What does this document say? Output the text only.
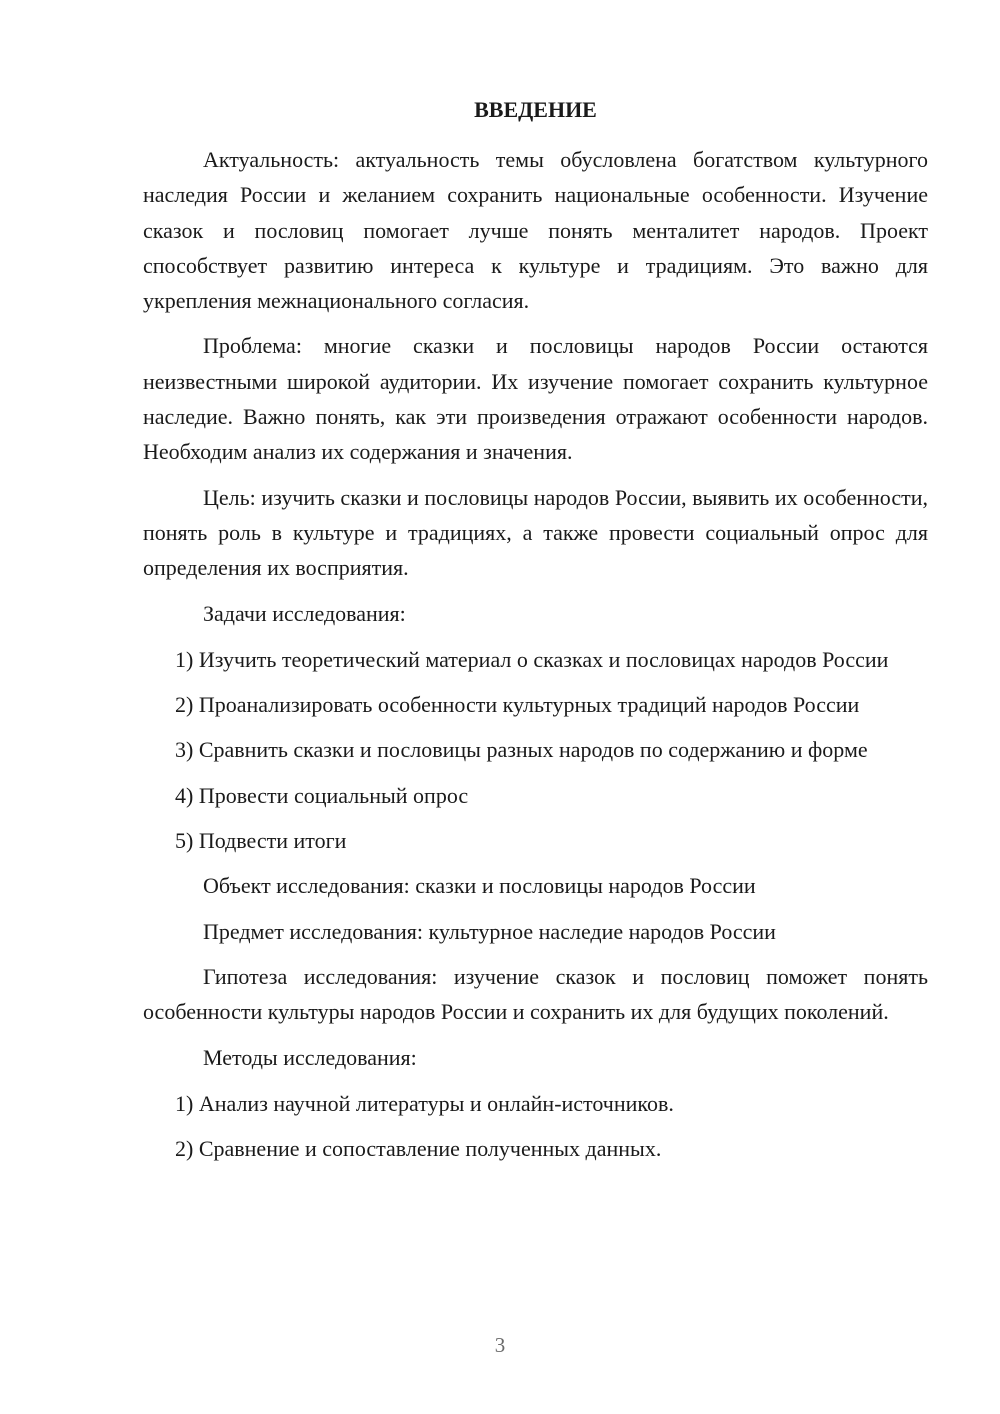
ВВЕДЕНИЕ

Актуальность: актуальность темы обусловлена богатством культурного наследия России и желанием сохранить национальные особенности. Изучение сказок и пословиц помогает лучше понять менталитет народов. Проект способствует развитию интереса к культуре и традициям. Это важно для укрепления межнационального согласия.

Проблема: многие сказки и пословицы народов России остаются неизвестными широкой аудитории. Их изучение помогает сохранить культурное наследие. Важно понять, как эти произведения отражают особенности народов. Необходим анализ их содержания и значения.

Цель: изучить сказки и пословицы народов России, выявить их особенности, понять роль в культуре и традициях, а также провести социальный опрос для определения их восприятия.

Задачи исследования:

1) Изучить теоретический материал о сказках и пословицах народов России

2) Проанализировать особенности культурных традиций народов России

3) Сравнить сказки и пословицы разных народов по содержанию и форме

4) Провести социальный опрос

5) Подвести итоги

Объект исследования: сказки и пословицы народов России

Предмет исследования: культурное наследие народов России

Гипотеза исследования: изучение сказок и пословиц поможет понять особенности культуры народов России и сохранить их для будущих поколений.

Методы исследования:

1) Анализ научной литературы и онлайн-источников.

2) Сравнение и сопоставление полученных данных.

3
